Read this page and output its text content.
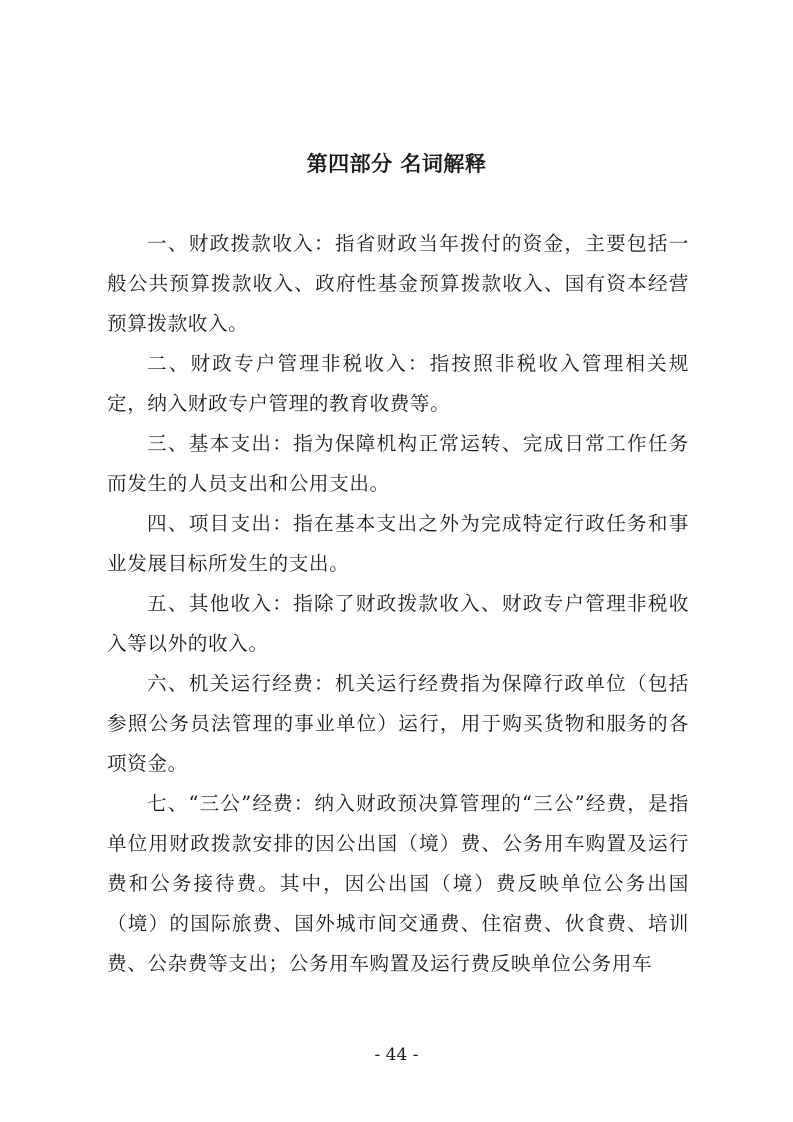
第四部分 名词解释

一、财政拨款收入：指省财政当年拨付的资金，主要包括一般公共预算拨款收入、政府性基金预算拨款收入、国有资本经营预算拨款收入。

二、财政专户管理非税收入：指按照非税收入管理相关规定，纳入财政专户管理的教育收费等。

三、基本支出：指为保障机构正常运转、完成日常工作任务而发生的人员支出和公用支出。

四、项目支出：指在基本支出之外为完成特定行政任务和事业发展目标所发生的支出。

五、其他收入：指除了财政拨款收入、财政专户管理非税收入等以外的收入。

六、机关运行经费：机关运行经费指为保障行政单位（包括参照公务员法管理的事业单位）运行，用于购买货物和服务的各项资金。

七、“三公”经费：纳入财政预决算管理的“三公”经费，是指单位用财政拨款安排的因公出国（境）费、公务用车购置及运行费和公务接待费。其中，因公出国（境）费反映单位公务出国（境）的国际旅费、国外城市间交通费、住宿费、伙食费、培训费、公杂费等支出；公务用车购置及运行费反映单位公务用车

- 44 -
